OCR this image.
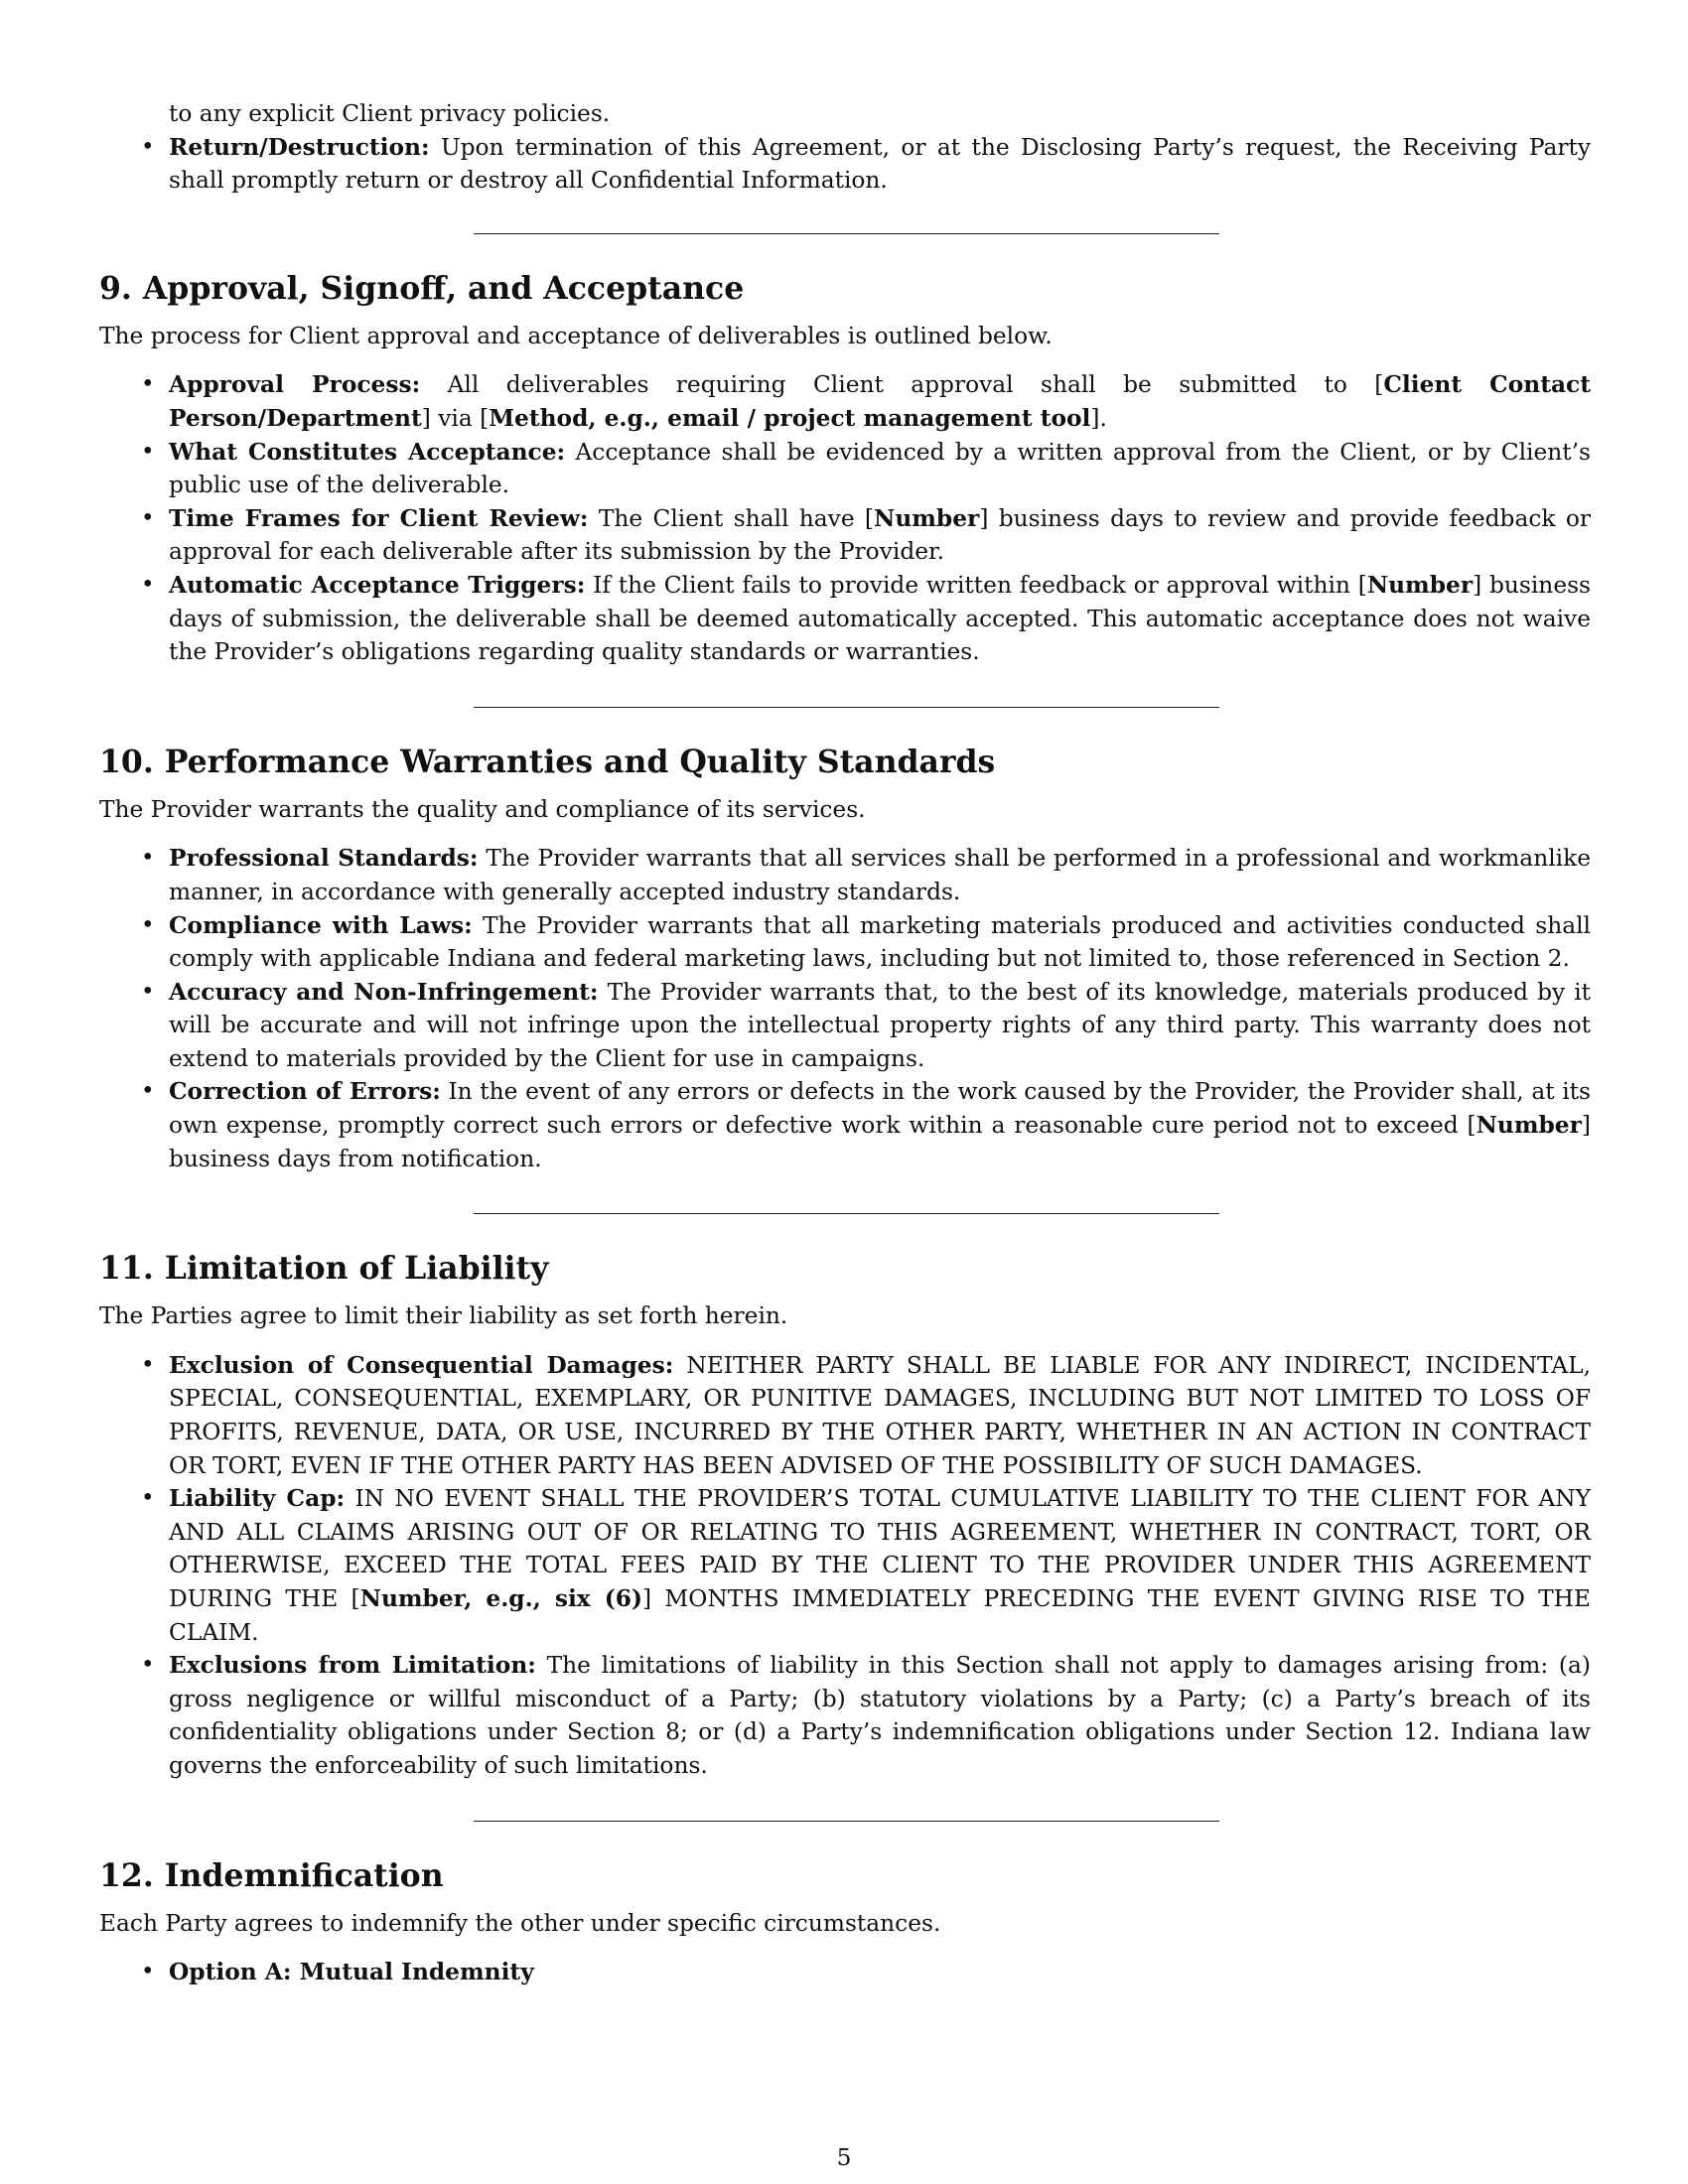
to any explicit Client privacy policies.
• Return/Destruction: Upon termination of this Agreement, or at the Disclosing Party’s request, the Receiving Party shall promptly return or destroy all Confidential Information.
9. Approval, Signoff, and Acceptance

The process for Client approval and acceptance of deliverables is outlined below.

• Approval Process: All deliverables requiring Client approval shall be submitted to [Client Contact Person/Department] via [Method, e.g., email / project management tool].
• What Constitutes Acceptance: Acceptance shall be evidenced by a written approval from the Client, or by Client’s public use of the deliverable.
• Time Frames for Client Review: The Client shall have [Number] business days to review and provide feedback or approval for each deliverable after its submission by the Provider.
• Automatic Acceptance Triggers: If the Client fails to provide written feedback or approval within [Number] business days of submission, the deliverable shall be deemed automatically accepted. This automatic acceptance does not waive the Provider’s obligations regarding quality standards or warranties.
10. Performance Warranties and Quality Standards

The Provider warrants the quality and compliance of its services.

• Professional Standards: The Provider warrants that all services shall be performed in a professional and workmanlike manner, in accordance with generally accepted industry standards.
• Compliance with Laws: The Provider warrants that all marketing materials produced and activities conducted shall comply with applicable Indiana and federal marketing laws, including but not limited to, those referenced in Section 2.
• Accuracy and Non-Infringement: The Provider warrants that, to the best of its knowledge, materials produced by it will be accurate and will not infringe upon the intellectual property rights of any third party. This warranty does not extend to materials provided by the Client for use in campaigns.
• Correction of Errors: In the event of any errors or defects in the work caused by the Provider, the Provider shall, at its own expense, promptly correct such errors or defective work within a reasonable cure period not to exceed [Number] business days from notification.
11. Limitation of Liability

The Parties agree to limit their liability as set forth herein.

• Exclusion of Consequential Damages: NEITHER PARTY SHALL BE LIABLE FOR ANY INDIRECT, INCIDENTAL, SPECIAL, CONSEQUENTIAL, EXEMPLARY, OR PUNITIVE DAMAGES, INCLUDING BUT NOT LIMITED TO LOSS OF PROFITS, REVENUE, DATA, OR USE, INCURRED BY THE OTHER PARTY, WHETHER IN AN ACTION IN CONTRACT OR TORT, EVEN IF THE OTHER PARTY HAS BEEN ADVISED OF THE POSSIBILITY OF SUCH DAMAGES.
• Liability Cap: IN NO EVENT SHALL THE PROVIDER’S TOTAL CUMULATIVE LIABILITY TO THE CLIENT FOR ANY AND ALL CLAIMS ARISING OUT OF OR RELATING TO THIS AGREEMENT, WHETHER IN CONTRACT, TORT, OR OTHERWISE, EXCEED THE TOTAL FEES PAID BY THE CLIENT TO THE PROVIDER UNDER THIS AGREEMENT DURING THE [Number, e.g., six (6)] MONTHS IMMEDIATELY PRECEDING THE EVENT GIVING RISE TO THE CLAIM.
• Exclusions from Limitation: The limitations of liability in this Section shall not apply to damages arising from: (a) gross negligence or willful misconduct of a Party; (b) statutory violations by a Party; (c) a Party’s breach of its confidentiality obligations under Section 8; or (d) a Party’s indemnification obligations under Section 12. Indiana law governs the enforceability of such limitations.
12. Indemnification

Each Party agrees to indemnify the other under specific circumstances.

• Option A: Mutual Indemnity
5
